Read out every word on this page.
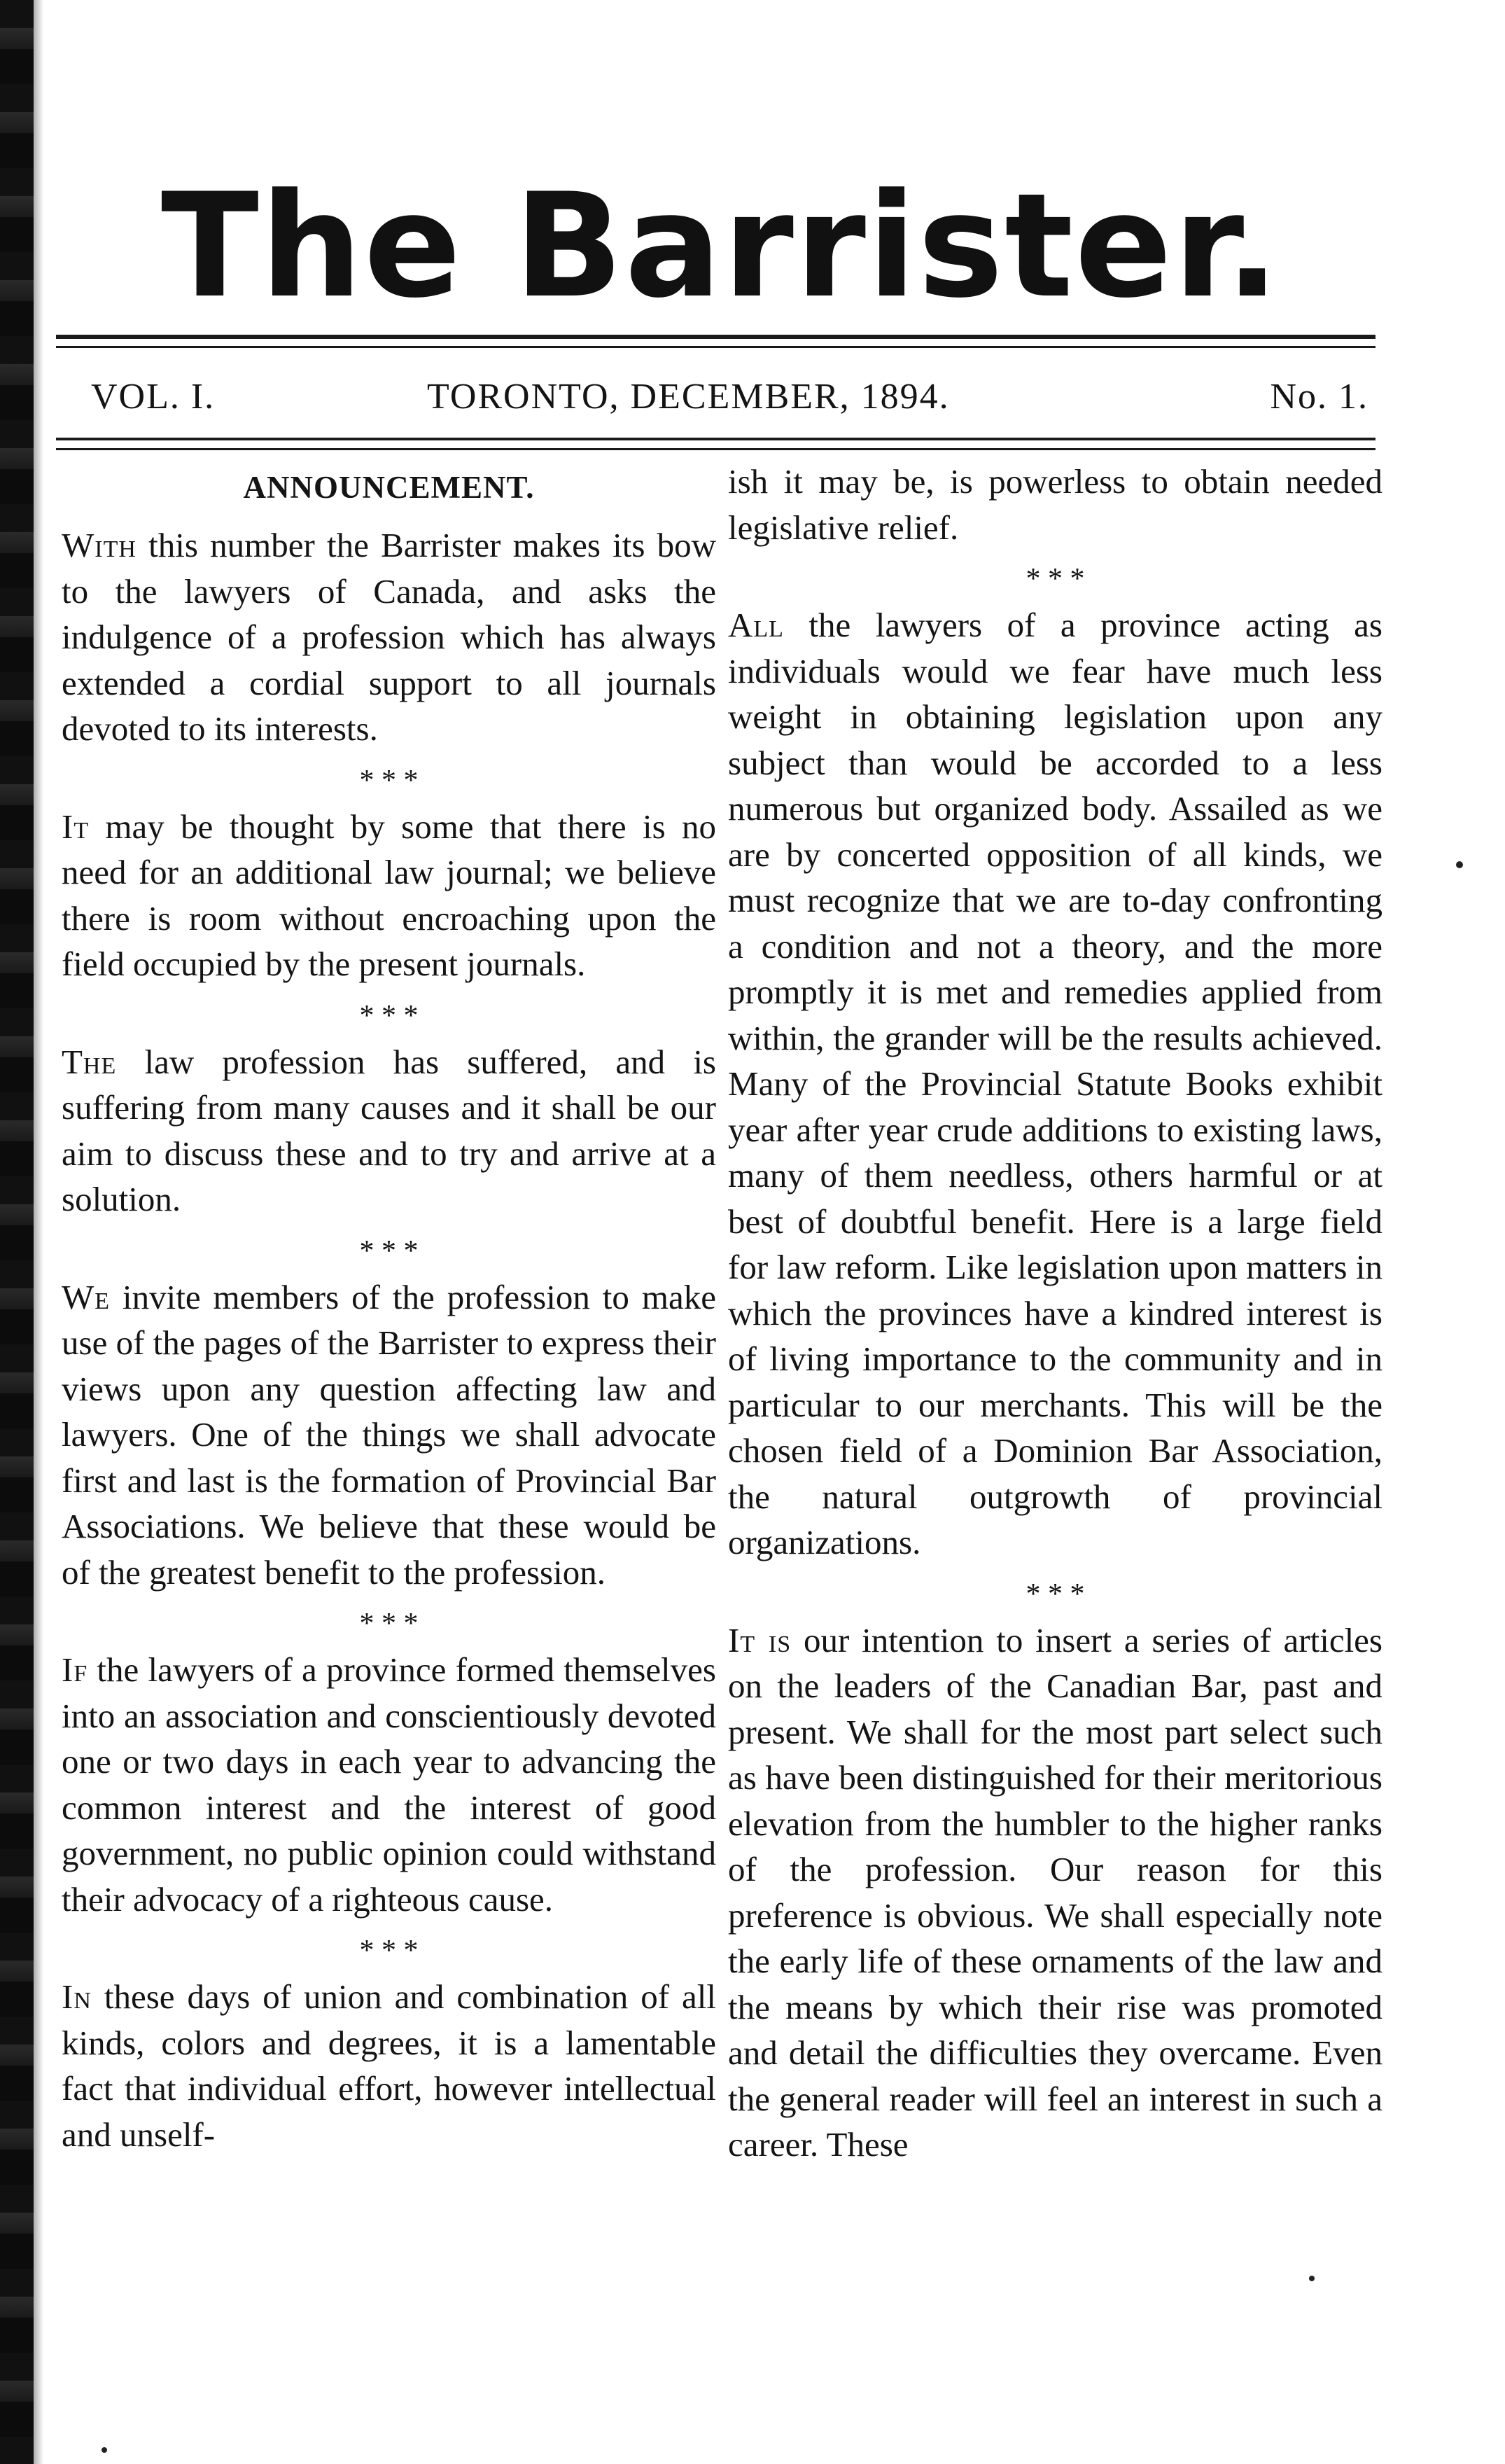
The Barrister.
VOL. I.	TORONTO, DECEMBER, 1894.	No. 1.
ANNOUNCEMENT.

With this number the Barrister makes its bow to the lawyers of Canada, and asks the indulgence of a profession which has always extended a cordial support to all journals devoted to its interests.

* * *

It may be thought by some that there is no need for an additional law journal; we believe there is room without encroaching upon the field occupied by the present journals.

* * *

The law profession has suffered, and is suffering from many causes and it shall be our aim to discuss these and to try and arrive at a solution.

* * *

We invite members of the profession to make use of the pages of the Barrister to express their views upon any question affecting law and lawyers. One of the things we shall advocate first and last is the formation of Provincial Bar Associations. We believe that these would be of the greatest benefit to the profession.

* * *

If the lawyers of a province formed themselves into an association and conscientiously devoted one or two days in each year to advancing the common interest and the interest of good government, no public opinion could withstand their advocacy of a righteous cause.

* * *

In these days of union and combination of all kinds, colors and degrees, it is a lamentable fact that individual effort, however intellectual and unself-

ish it may be, is powerless to obtain needed legislative relief.

* * *

All the lawyers of a province acting as individuals would we fear have much less weight in obtaining legislation upon any subject than would be accorded to a less numerous but organized body. Assailed as we are by concerted opposition of all kinds, we must recognize that we are to-day confronting a condition and not a theory, and the more promptly it is met and remedies applied from within, the grander will be the results achieved. Many of the Provincial Statute Books exhibit year after year crude additions to existing laws, many of them needless, others harmful or at best of doubtful benefit. Here is a large field for law reform. Like legislation upon matters in which the provinces have a kindred interest is of living importance to the community and in particular to our merchants. This will be the chosen field of a Dominion Bar Association, the natural outgrowth of provincial organizations.

* * *

It is our intention to insert a series of articles on the leaders of the Canadian Bar, past and present. We shall for the most part select such as have been distinguished for their meritorious elevation from the humbler to the higher ranks of the profession. Our reason for this preference is obvious. We shall especially note the early life of these ornaments of the law and the means by which their rise was promoted and detail the difficulties they overcame. Even the general reader will feel an interest in such a career. These
